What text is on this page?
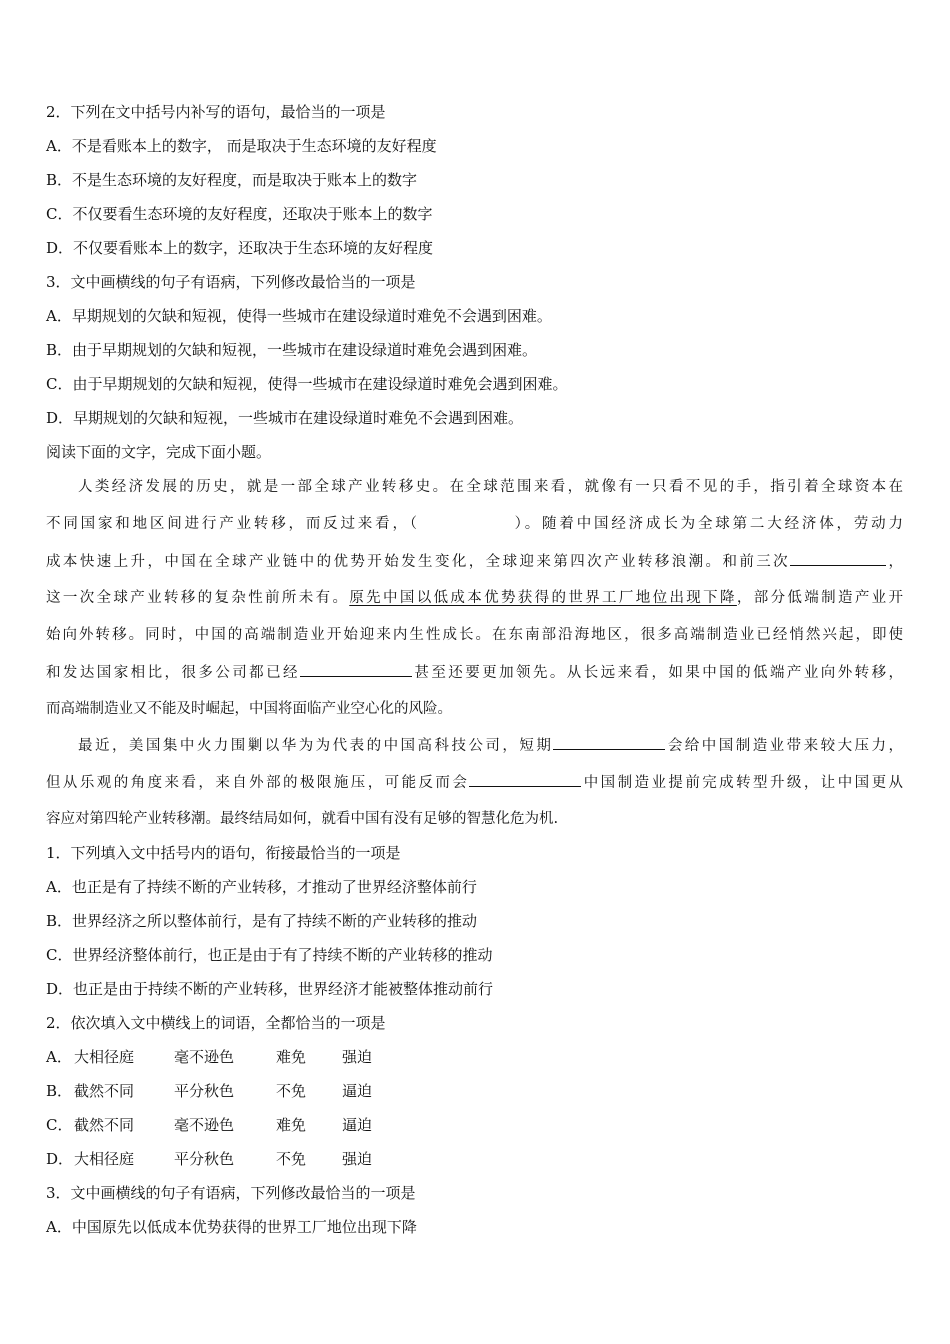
2．下列在文中括号内补写的语句，最恰当的一项是
A．不是看账本上的数字， 而是取决于生态环境的友好程度
B．不是生态环境的友好程度，而是取决于账本上的数字
C．不仅要看生态环境的友好程度，还取决于账本上的数字
D．不仅要看账本上的数字，还取决于生态环境的友好程度
3．文中画横线的句子有语病，下列修改最恰当的一项是
A．早期规划的欠缺和短视，使得一些城市在建设绿道时难免不会遇到困难。
B．由于早期规划的欠缺和短视，一些城市在建设绿道时难免会遇到困难。
C．由于早期规划的欠缺和短视，使得一些城市在建设绿道时难免会遇到困难。
D．早期规划的欠缺和短视，一些城市在建设绿道时难免不会遇到困难。
阅读下面的文字，完成下面小题。
人类经济发展的历史，就是一部全球产业转移史。在全球范围来看，就像有一只看不见的手，指引着全球资本在
不同国家和地区间进行产业转移，而反过来看，（	）。随着中国经济成长为全球第二大经济体，劳动力
成本快速上升，中国在全球产业链中的优势开始发生变化，全球迎来第四次产业转移浪潮。和前三次	，
这一次全球产业转移的复杂性前所未有。原先中国以低成本优势获得的世界工厂地位出现下降，部分低端制造产业开
始向外转移。同时，中国的高端制造业开始迎来内生性成长。在东南部沿海地区，很多高端制造业已经悄然兴起，即使
和发达国家相比，很多公司都已经	甚至还要更加领先。从长远来看，如果中国的低端产业向外转移，
而高端制造业又不能及时崛起，中国将面临产业空心化的风险。
最近，美国集中火力围剿以华为为代表的中国高科技公司，短期	会给中国制造业带来较大压力，
但从乐观的角度来看，来自外部的极限施压，可能反而会	中国制造业提前完成转型升级，让中国更从
容应对第四轮产业转移潮。最终结局如何，就看中国有没有足够的智慧化危为机.
1．下列填入文中括号内的语句，衔接最恰当的一项是
A．也正是有了持续不断的产业转移，才推动了世界经济整体前行
B．世界经济之所以整体前行，是有了持续不断的产业转移的推动
C．世界经济整体前行，也正是由于有了持续不断的产业转移的推动
D．也正是由于持续不断的产业转移，世界经济才能被整体推动前行
2．依次填入文中横线上的词语，全都恰当的一项是
A． 大相径庭	毫不逊色	难免 强迫
B． 截然不同	平分秋色	不免 逼迫
C． 截然不同	毫不逊色	难免 逼迫
D． 大相径庭	平分秋色	不免 强迫
3．文中画横线的句子有语病，下列修改最恰当的一项是
A．中国原先以低成本优势获得的世界工厂地位出现下降
